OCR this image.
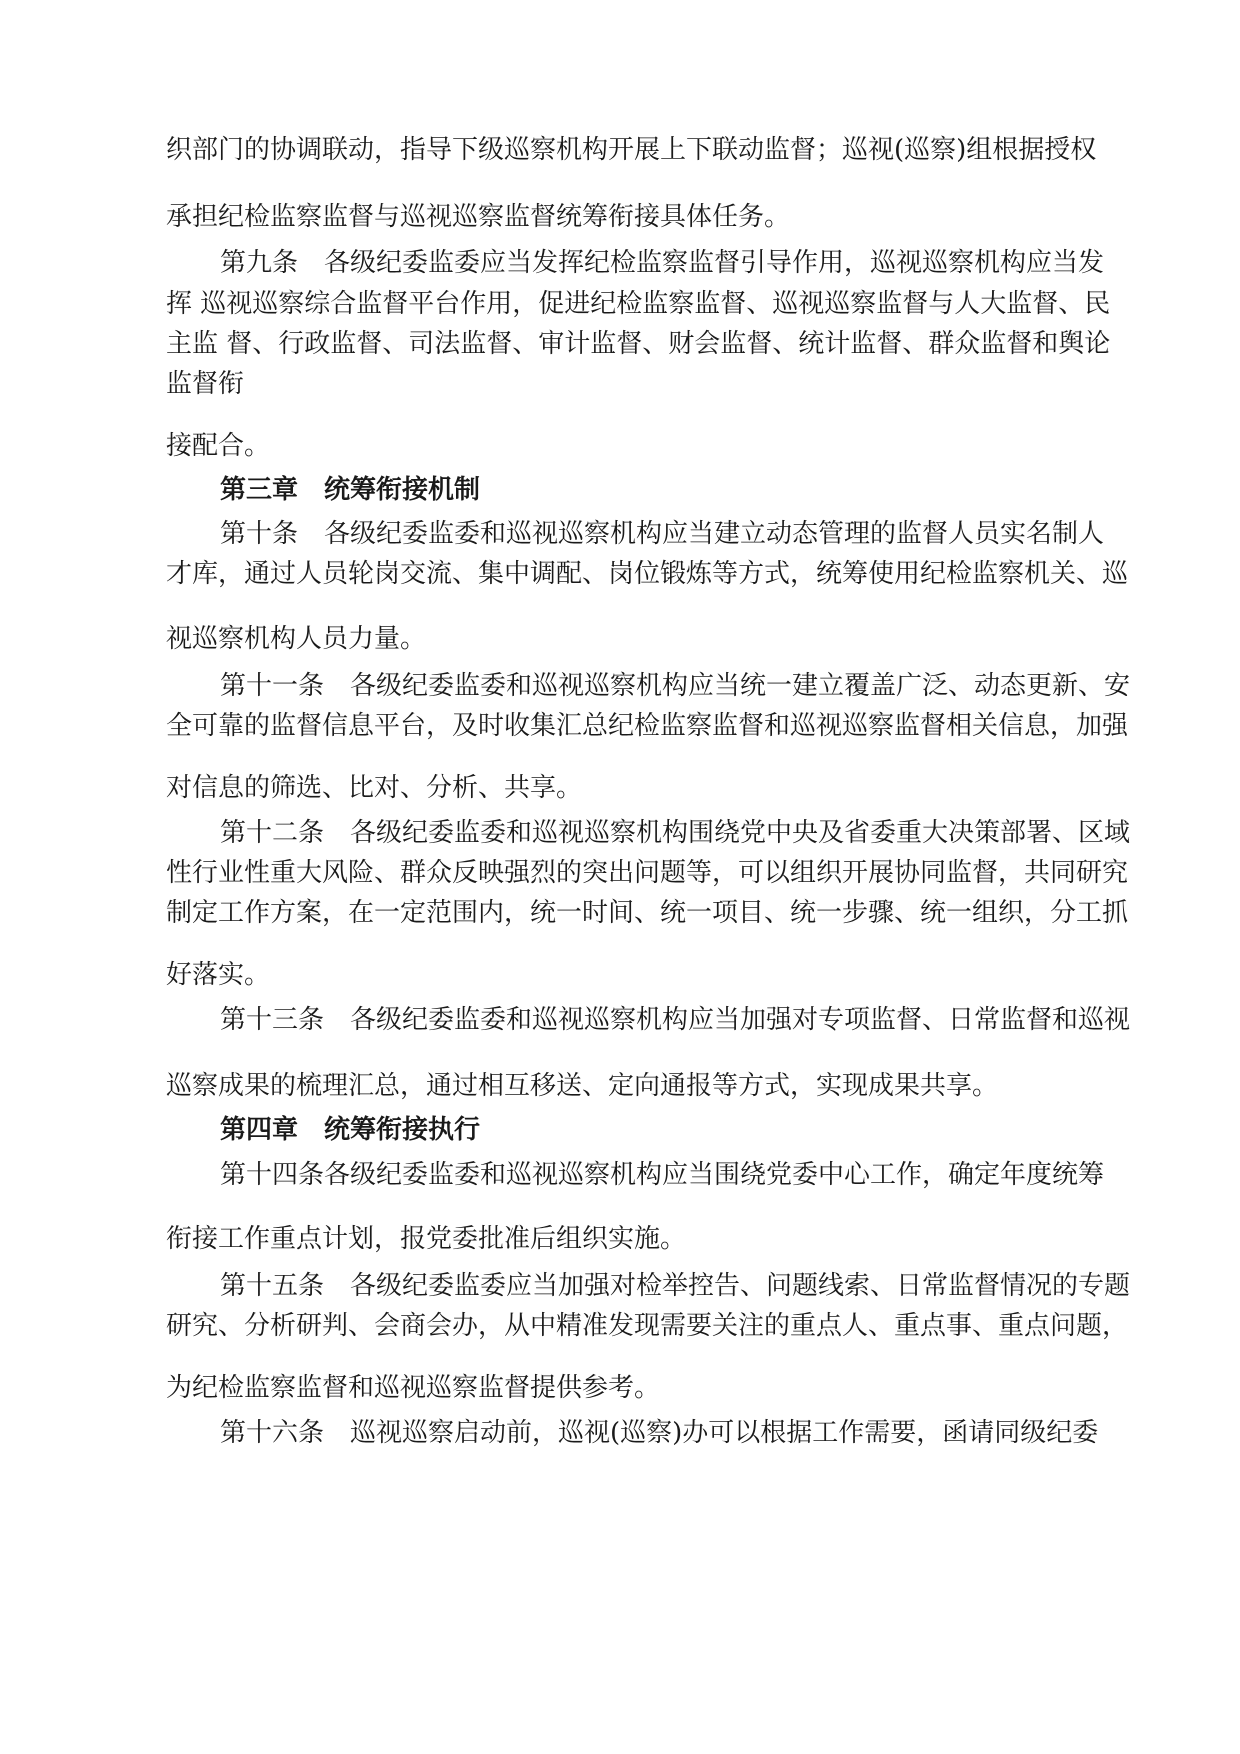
织部门的协调联动，指导下级巡察机构开展上下联动监督；巡视(巡察)组根据授权
承担纪检监察监督与巡视巡察监督统筹衔接具体任务。
第九条　各级纪委监委应当发挥纪检监察监督引导作用，巡视巡察机构应当发
挥 巡视巡察综合监督平台作用，促进纪检监察监督、巡视巡察监督与人大监督、民
主监 督、行政监督、司法监督、审计监督、财会监督、统计监督、群众监督和舆论
监督衔
接配合。
第三章　统筹衔接机制
第十条　各级纪委监委和巡视巡察机构应当建立动态管理的监督人员实名制人
才库，通过人员轮岗交流、集中调配、岗位锻炼等方式，统筹使用纪检监察机关、巡
视巡察机构人员力量。
第十一条　各级纪委监委和巡视巡察机构应当统一建立覆盖广泛、动态更新、安
全可靠的监督信息平台，及时收集汇总纪检监察监督和巡视巡察监督相关信息，加强
对信息的筛选、比对、分析、共享。
第十二条　各级纪委监委和巡视巡察机构围绕党中央及省委重大决策部署、区域
性行业性重大风险、群众反映强烈的突出问题等，可以组织开展协同监督，共同研究
制定工作方案，在一定范围内，统一时间、统一项目、统一步骤、统一组织，分工抓
好落实。
第十三条　各级纪委监委和巡视巡察机构应当加强对专项监督、日常监督和巡视
巡察成果的梳理汇总，通过相互移送、定向通报等方式，实现成果共享。
第四章　统筹衔接执行
第十四条各级纪委监委和巡视巡察机构应当围绕党委中心工作，确定年度统筹
衔接工作重点计划，报党委批准后组织实施。
第十五条　各级纪委监委应当加强对检举控告、问题线索、日常监督情况的专题
研究、分析研判、会商会办，从中精准发现需要关注的重点人、重点事、重点问题，
为纪检监察监督和巡视巡察监督提供参考。
第十六条　巡视巡察启动前，巡视(巡察)办可以根据工作需要，函请同级纪委
